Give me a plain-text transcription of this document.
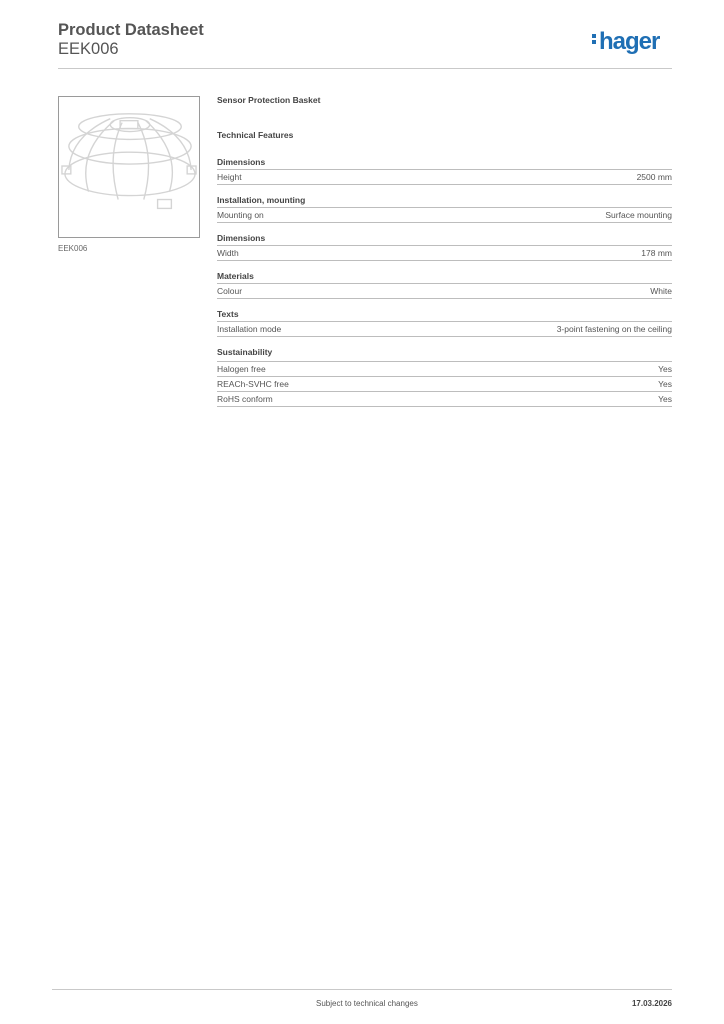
Product Datasheet
EEK006	hager
EEK006
Sensor Protection Basket
Technical Features
Dimensions
Height	2500 mm
Installation, mounting
Mounting on	Surface mounting
Dimensions
Width	178 mm
Materials
Colour	White
Texts
Installation mode	3-point fastening on the ceiling
Sustainability
Halogen free	Yes
REACh-SVHC free	Yes
RoHS conform	Yes
Subject to technical changes	17.03.2026
